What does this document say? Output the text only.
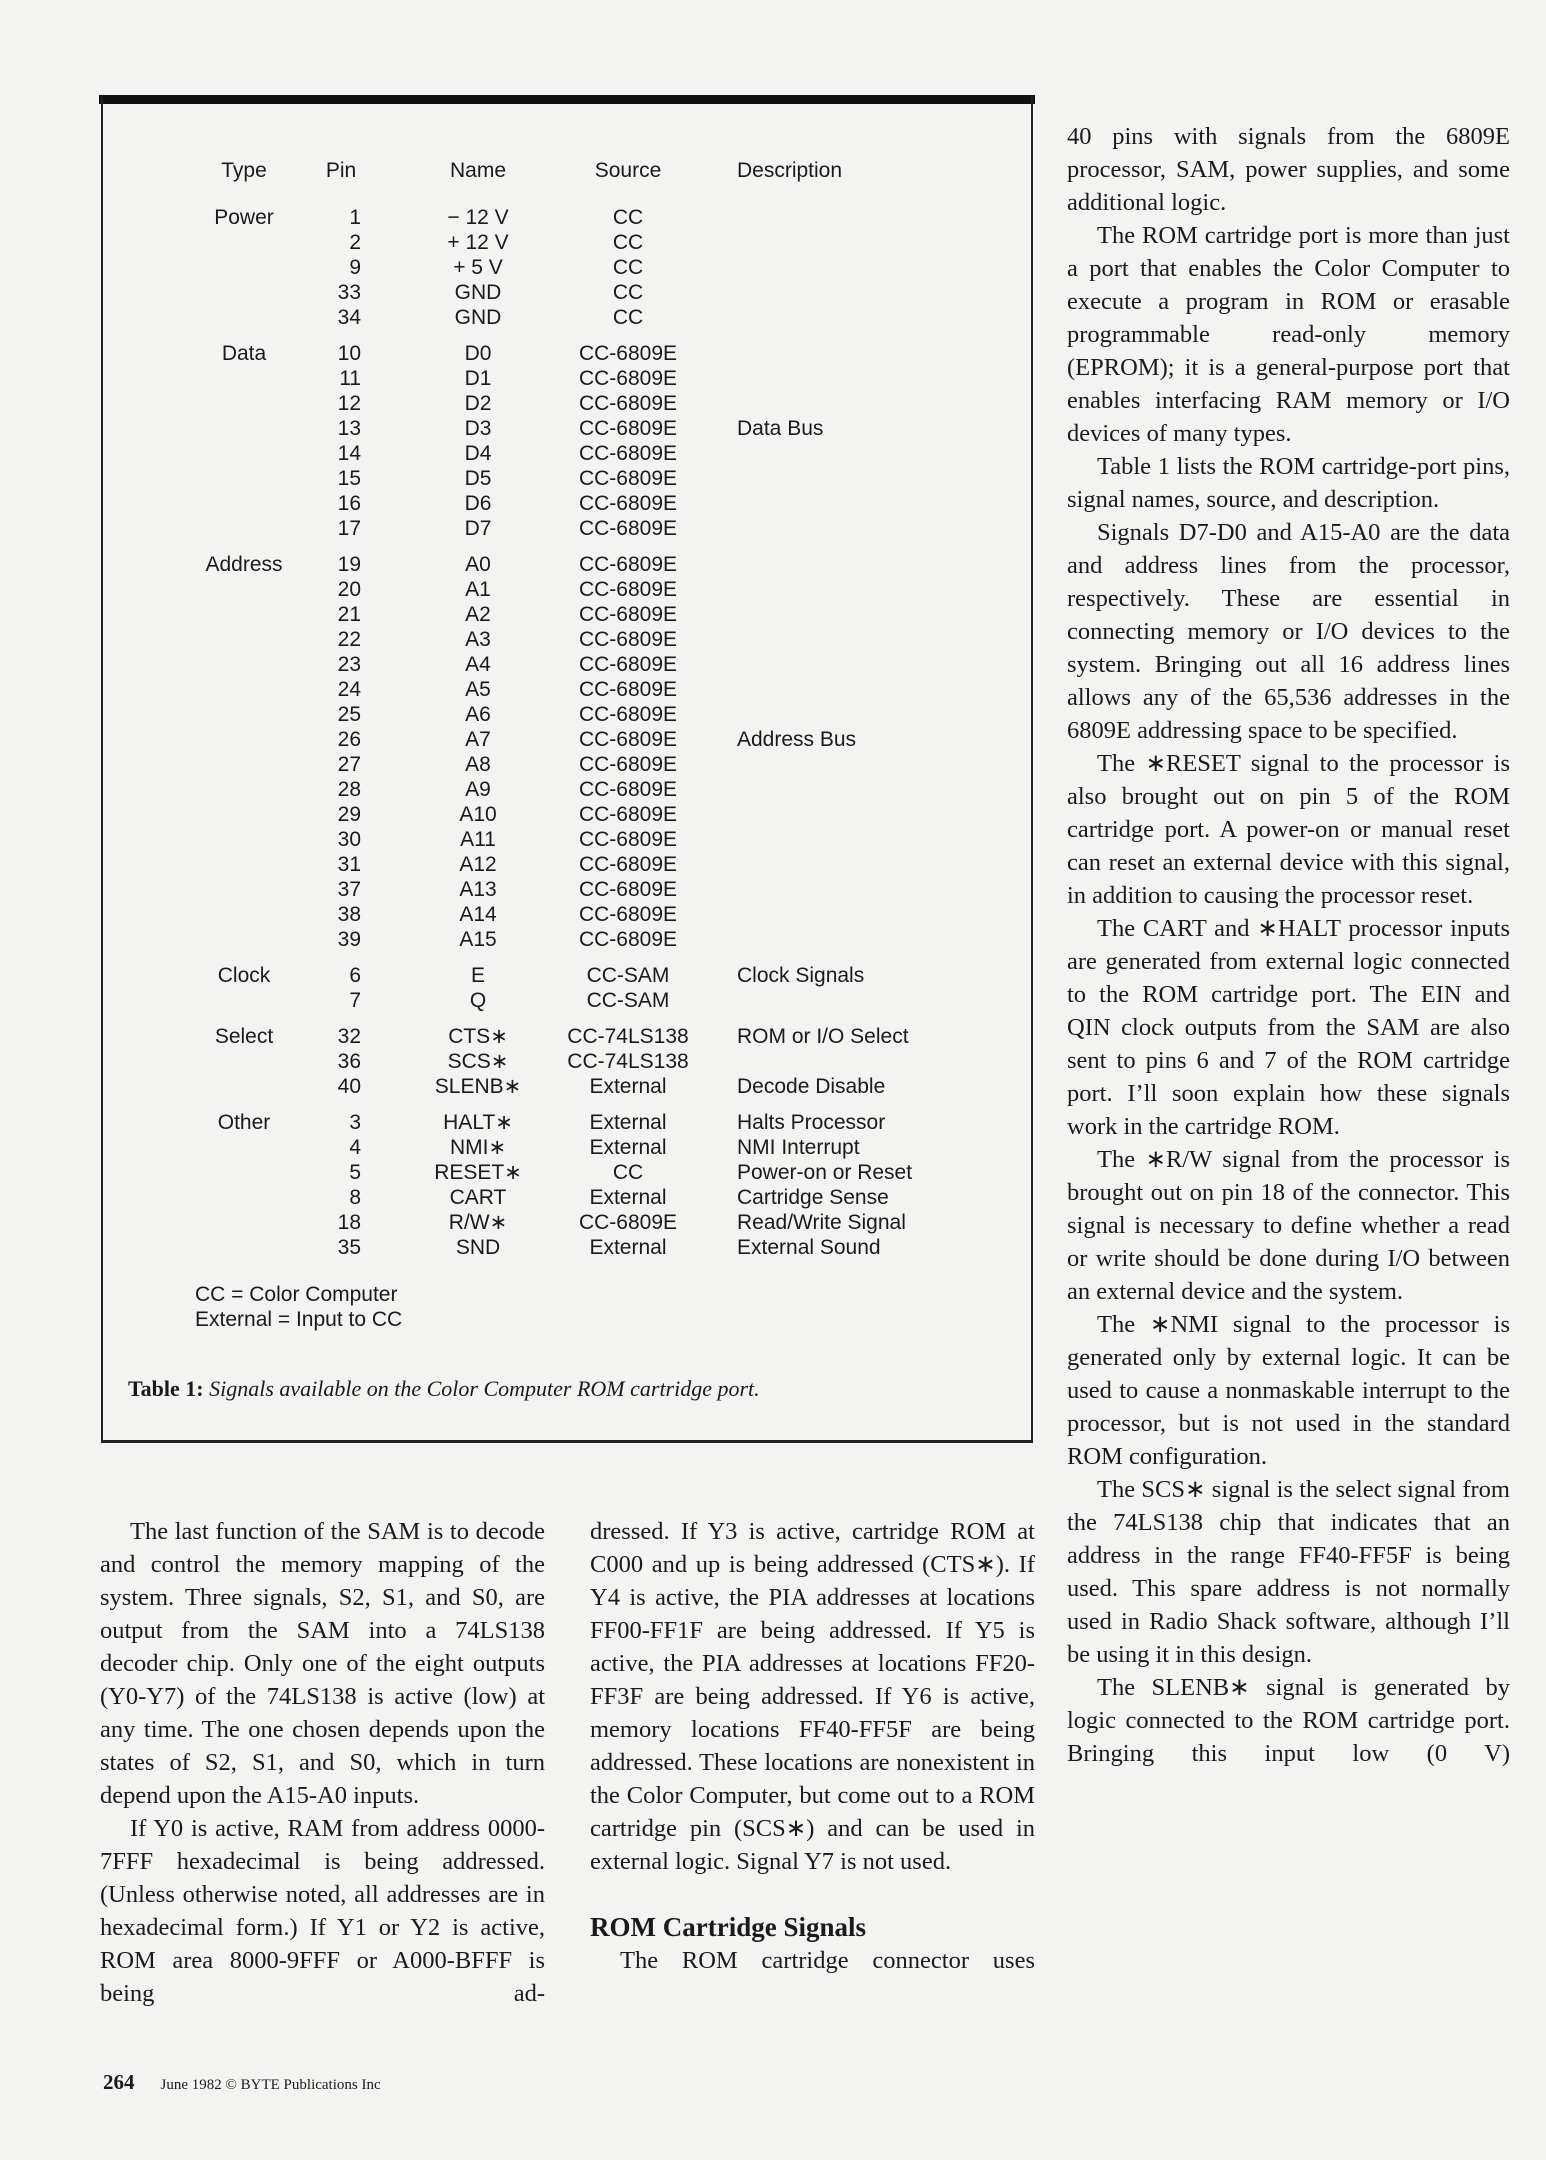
Type	Pin	Name	Source	Description
Power	1	− 12 V	CC
2	+ 12 V	CC
9	+ 5 V	CC
33	GND	CC
34	GND	CC
Data	10	D0	CC-6809E
11	D1	CC-6809E
12	D2	CC-6809E
13	D3	CC-6809E	Data Bus
14	D4	CC-6809E
15	D5	CC-6809E
16	D6	CC-6809E
17	D7	CC-6809E
Address	19	A0	CC-6809E
20	A1	CC-6809E
21	A2	CC-6809E
22	A3	CC-6809E
23	A4	CC-6809E
24	A5	CC-6809E
25	A6	CC-6809E
26	A7	CC-6809E	Address Bus
27	A8	CC-6809E
28	A9	CC-6809E
29	A10	CC-6809E
30	A11	CC-6809E
31	A12	CC-6809E
37	A13	CC-6809E
38	A14	CC-6809E
39	A15	CC-6809E
Clock	6	E	CC-SAM	Clock Signals
7	Q	CC-SAM
Select	32	CTS∗	CC-74LS138	ROM or I/O Select
36	SCS∗	CC-74LS138
40	SLENB∗	External	Decode Disable
Other	3	HALT∗	External	Halts Processor
4	NMI∗	External	NMI Interrupt
5	RESET∗	CC	Power-on or Reset
8	CART	External	Cartridge Sense
18	R/W∗	CC-6809E	Read/Write Signal
35	SND	External	External Sound
CC = Color Computer
External = Input to CC
Table 1: Signals available on the Color Computer ROM cartridge port.

40 pins with signals from the 6809E processor, SAM, power supplies, and some additional logic.

The ROM cartridge port is more than just a port that enables the Color Computer to execute a program in ROM or erasable programmable read-only memory (EPROM); it is a general-purpose port that enables interfacing RAM memory or I/O devices of many types.

Table 1 lists the ROM cartridge-port pins, signal names, source, and description.

Signals D7-D0 and A15-A0 are the data and address lines from the processor, respectively. These are essential in connecting memory or I/O devices to the system. Bringing out all 16 address lines allows any of the 65,536 addresses in the 6809E addressing space to be specified.

The ∗RESET signal to the processor is also brought out on pin 5 of the ROM cartridge port. A power-on or manual reset can reset an external device with this signal, in addition to causing the processor reset.

The CART and ∗HALT processor inputs are generated from external logic connected to the ROM cartridge port. The EIN and QIN clock outputs from the SAM are also sent to pins 6 and 7 of the ROM cartridge port. I’ll soon explain how these signals work in the cartridge ROM.

The ∗R/W signal from the processor is brought out on pin 18 of the connector. This signal is necessary to define whether a read or write should be done during I/O between an external device and the system.

The ∗NMI signal to the processor is generated only by external logic. It can be used to cause a nonmaskable interrupt to the processor, but is not used in the standard ROM configuration.

The SCS∗ signal is the select signal from the 74LS138 chip that indicates that an address in the range FF40-FF5F is being used. This spare address is not normally used in Radio Shack software, although I’ll be using it in this design.

The SLENB∗ signal is generated by logic connected to the ROM cartridge port. Bringing this input low (0 V)

The last function of the SAM is to decode and control the memory mapping of the system. Three signals, S2, S1, and S0, are output from the SAM into a 74LS138 decoder chip. Only one of the eight outputs (Y0-Y7) of the 74LS138 is active (low) at any time. The one chosen depends upon the states of S2, S1, and S0, which in turn depend upon the A15-A0 inputs.

If Y0 is active, RAM from address 0000-7FFF hexadecimal is being addressed. (Unless otherwise noted, all addresses are in hexadecimal form.) If Y1 or Y2 is active, ROM area 8000-9FFF or A000-BFFF is being ad-

dressed. If Y3 is active, cartridge ROM at C000 and up is being addressed (CTS∗). If Y4 is active, the PIA addresses at locations FF00-FF1F are being addressed. If Y5 is active, the PIA addresses at locations FF20-FF3F are being addressed. If Y6 is active, memory locations FF40-FF5F are being addressed. These locations are nonexistent in the Color Computer, but come out to a ROM cartridge pin (SCS∗) and can be used in external logic. Signal Y7 is not used.

ROM Cartridge Signals

The ROM cartridge connector uses

264 June 1982 © BYTE Publications Inc
